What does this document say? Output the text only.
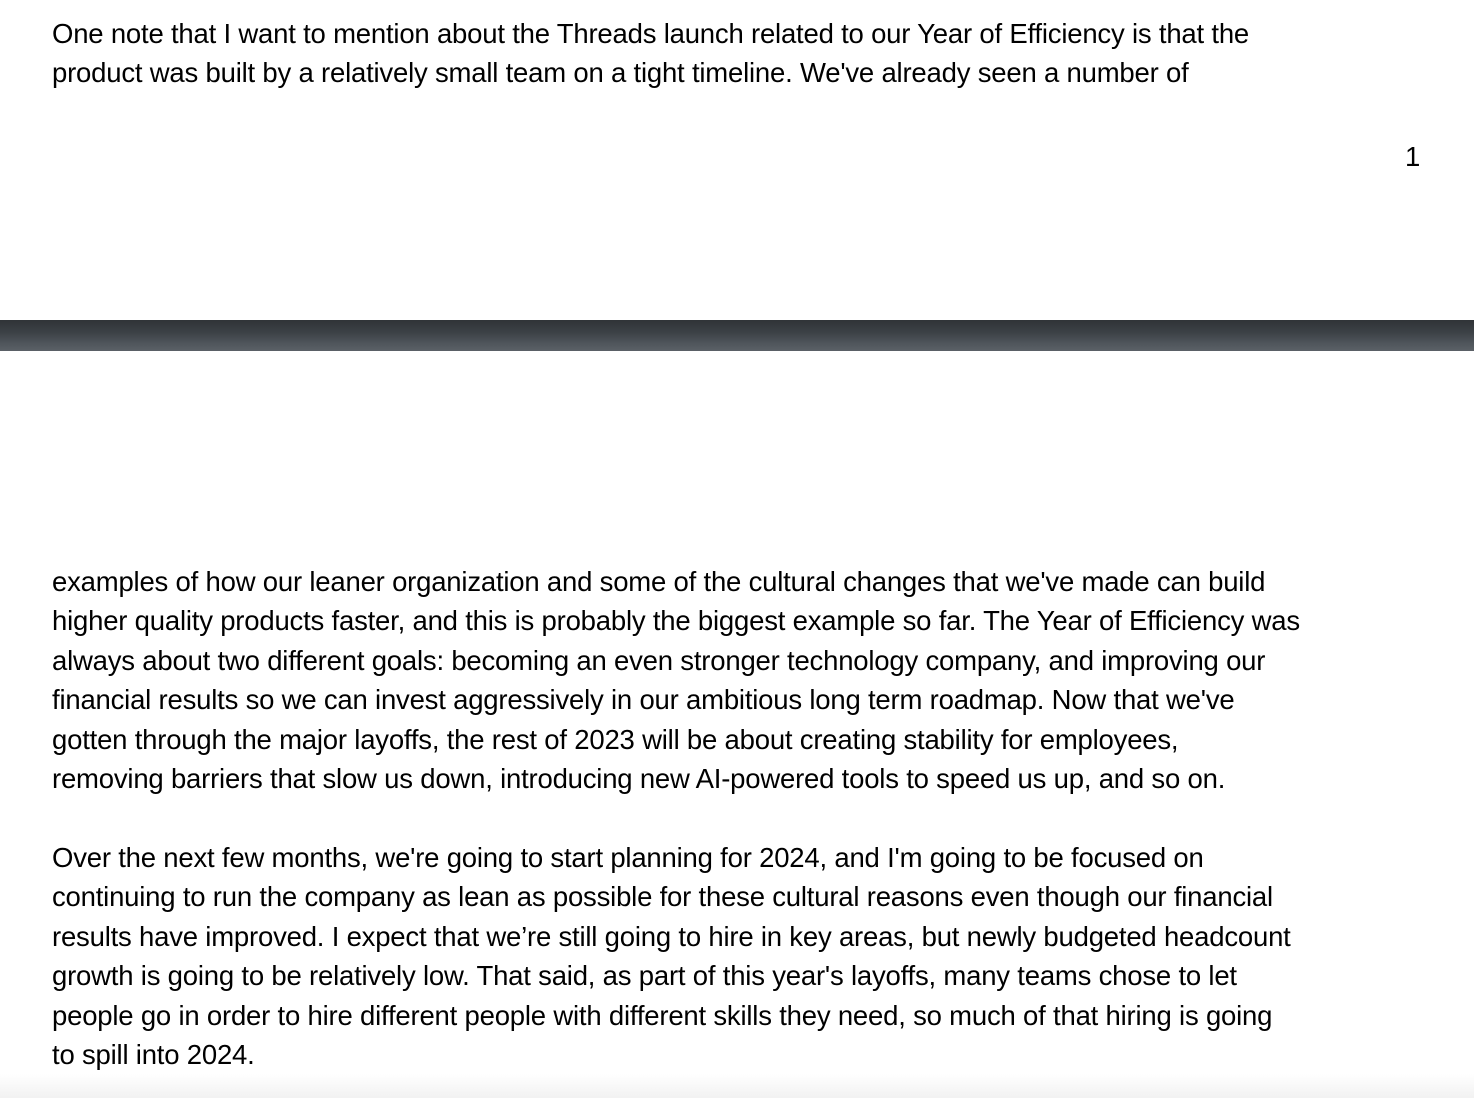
One note that I want to mention about the Threads launch related to our Year of Efficiency is that the
product was built by a relatively small team on a tight timeline. We've already seen a number of
1
examples of how our leaner organization and some of the cultural changes that we've made can build
higher quality products faster, and this is probably the biggest example so far. The Year of Efficiency was
always about two different goals: becoming an even stronger technology company, and improving our
financial results so we can invest aggressively in our ambitious long term roadmap. Now that we've
gotten through the major layoffs, the rest of 2023 will be about creating stability for employees,
removing barriers that slow us down, introducing new AI-powered tools to speed us up, and so on.
Over the next few months, we're going to start planning for 2024, and I'm going to be focused on
continuing to run the company as lean as possible for these cultural reasons even though our financial
results have improved. I expect that we’re still going to hire in key areas, but newly budgeted headcount
growth is going to be relatively low. That said, as part of this year's layoffs, many teams chose to let
people go in order to hire different people with different skills they need, so much of that hiring is going
to spill into 2024.
